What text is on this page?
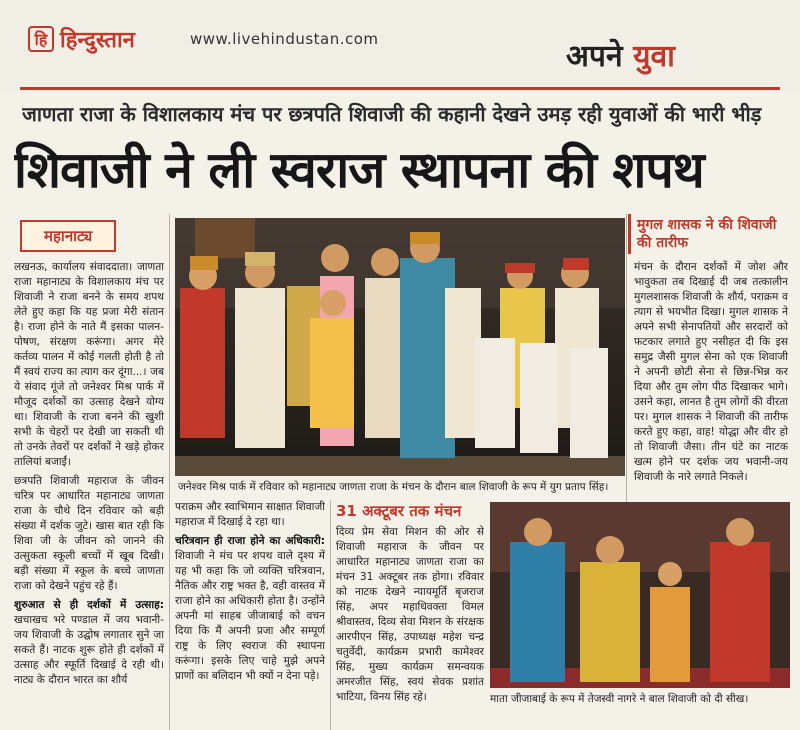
हि हिन्दुस्तान	www.livehindustan.com	अपने युवा
जाणता राजा के विशालकाय मंच पर छत्रपति शिवाजी की कहानी देखने उमड़ रही युवाओं की भारी भीड़
शिवाजी ने ली स्वराज स्थापना की शपथ
महानाट्य

लखनऊ, कार्यालय संवाददाता। जाणता राजा महानाट्य के विशालकाय मंच पर शिवाजी ने राजा बनने के समय शपथ लेते हुए कहा कि यह प्रजा मेरी संतान है। राजा होने के नाते मैं इसका पालन-पोषण, संरक्षण करूंगा। अगर मेरे कर्तव्य पालन में कोई गलती होती है तो मैं स्वयं राज्य का त्याग कर दूंगा...। जब ये संवाद गूंजे तो जनेश्वर मिश्र पार्क में मौजूद दर्शकों का उत्साह देखने योग्य था। शिवाजी के राजा बनने की खुशी सभी के चेहरों पर देखी जा सकती थी तो उनके तेवरों पर दर्शकों ने खड़े होकर तालियां बजाईं।

छत्रपति शिवाजी महाराज के जीवन चरित्र पर आधारित महानाट्य जाणता राजा के चौथे दिन रविवार को बड़ी संख्या में दर्शक जुटे। खास बात रही कि शिवा जी के जीवन को जानने की उत्सुकता स्कूली बच्चों में खूब दिखी। बड़ी संख्या में स्कूल के बच्चे जाणता राजा को देखने पहुंच रहे हैं।

शुरुआत से ही दर्शकों में उत्साह: खचाखच भरे पण्डाल में जय भवानी-जय शिवाजी के उद्घोष लगातार सुने जा सकते हैं। नाटक शुरू होते ही दर्शकों में उत्साह और स्फूर्ति दिखाई दे रही थी। नाट्य के दौरान भारत का शौर्य

जनेश्वर मिश्र पार्क में रविवार को महानाट्य जाणता राजा के मंचन के दौरान बाल शिवाजी के रूप में युग प्रताप सिंह।
मुगल शासक ने की शिवाजी की तारीफ
मंचन के दौरान दर्शकों में जोश और भावुकता तब दिखाई दी जब तत्कालीन मुगलशासक शिवाजी के शौर्य, पराक्रम व त्याग से भयभीत दिखा। मुगल शासक ने अपने सभी सेनापतियों और सरदारों को फटकार लगाते हुए नसीहत दी कि इस समुद्र जैसी मुगल सेना को एक शिवाजी ने अपनी छोटी सेना से छिन्न-भिन्न कर दिया और तुम लोग पीठ दिखाकर भागे। उसने कहा, लानत है तुम लोगों की वीरता पर। मुगल शासक ने शिवाजी की तारीफ करते हुए कहा, वाह! योद्धा और वीर हो तो शिवाजी जैसा। तीन घंटे का नाटक खत्म होने पर दर्शक जय भवानी-जय शिवाजी के नारे लगाते निकले।

पराक्रम और स्वाभिमान साक्षात शिवाजी महाराज में दिखाई दे रहा था।

चरित्रवान ही राजा होने का अधिकारी: शिवाजी ने मंच पर शपथ वाले दृश्य में यह भी कहा कि जो व्यक्ति चरित्रवान, नैतिक और राष्ट्र भक्त है, वही वास्तव में राजा होने का अधिकारी होता है। उन्होंने अपनी मां साहब जीजाबाई को वचन दिया कि मैं अपनी प्रजा और सम्पूर्ण राष्ट्र के लिए स्वराज की स्थापना करूंगा। इसके लिए चाहे मुझे अपने प्राणों का बलिदान भी क्यों न देना पड़े।

31 अक्टूबर तक मंचन

दिव्य प्रेम सेवा मिशन की ओर से शिवाजी महाराज के जीवन पर आधारित महानाट्य जाणता राजा का मंचन 31 अक्टूबर तक होगा। रविवार को नाटक देखने न्यायमूर्ति बृजराज सिंह, अपर महाधिवक्ता विमल श्रीवास्तव, दिव्य सेवा मिशन के संरक्षक आरपीएन सिंह, उपाध्यक्ष महेश चन्द्र चतुर्वेदी, कार्यक्रम प्रभारी कामेश्वर सिंह, मुख्य कार्यक्रम समन्वयक अमरजीत सिंह, स्वयं सेवक प्रशांत भाटिया, विनय सिंह रहे।	माता जीजाबाई के रूप में तेजस्वी नागरे ने बाल शिवाजी को दी सीख।
